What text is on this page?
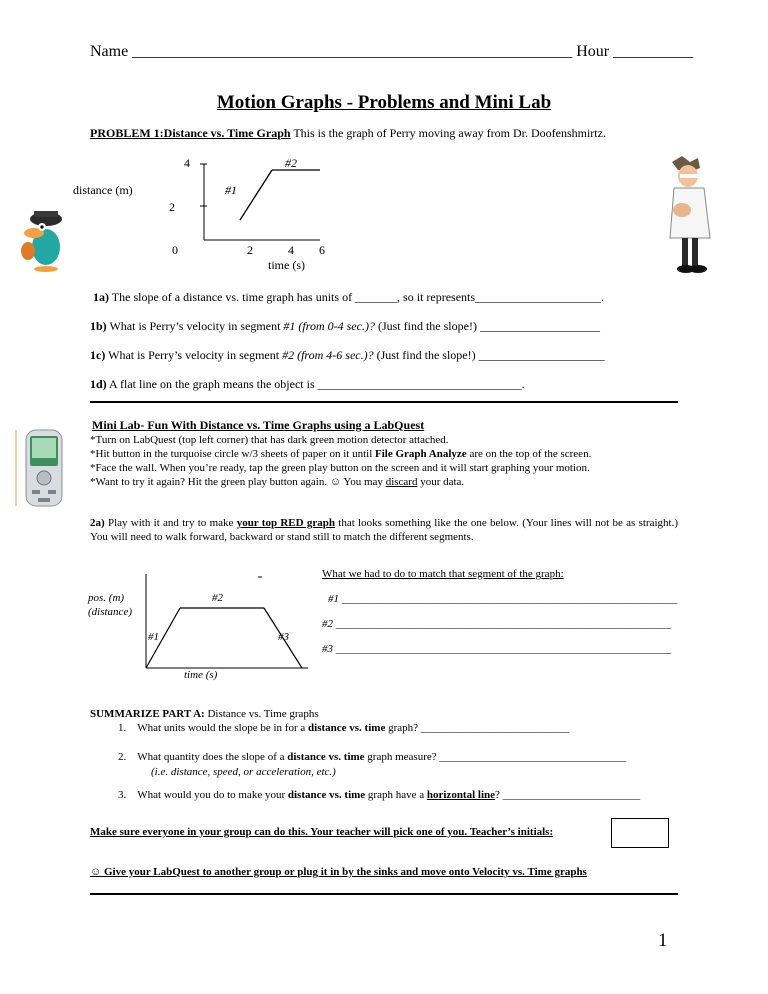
Name _______________________________________________________ Hour __________
Motion Graphs - Problems and Mini Lab
PROBLEM 1:Distance vs. Time Graph This is the graph of Perry moving away from Dr. Doofenshmirtz.
4
2
0
distance (m)	#1
#2
2	4 6
time (s)
1a) The slope of a distance vs. time graph has units of _______, so it represents_____________________.
1b) What is Perry’s velocity in segment #1 (from 0-4 sec.)? (Just find the slope!) ____________________
1c) What is Perry’s velocity in segment #2 (from 4-6 sec.)? (Just find the slope!) _____________________
1d) A flat line on the graph means the object is __________________________________.
Mini Lab- Fun With Distance vs. Time Graphs using a LabQuest
*Turn on LabQuest (top left corner) that has dark green motion detector attached.
*Hit button in the turquoise circle w/3 sheets of paper on it until File Graph Analyze are on the top of the screen.
*Face the wall. When you’re ready, tap the green play button on the screen and it will start graphing your motion.
*Want to try it again? Hit the green play button again. ☺ You may discard your data.
2a) Play with it and try to make your top RED graph that looks something like the one below. (Your lines will not be as straight.) You will need to walk forward, backward or stand still to match the different segments.
pos. (m)
(distance)
#2
#1	#3
time (s)
What we had to do to match that segment of the graph:
#1 _____________________________________________________________
#2 _____________________________________________________________
#3 _____________________________________________________________
SUMMARIZE PART A: Distance vs. Time graphs
1. What units would the slope be in for a distance vs. time graph? ___________________________
2. What quantity does the slope of a distance vs. time graph measure? __________________________________
(i.e. distance, speed, or acceleration, etc.)
3. What would you do to make your distance vs. time graph have a horizontal line? _________________________
Make sure everyone in your group can do this. Your teacher will pick one of you. Teacher’s initials:
☺ Give your LabQuest to another group or plug it in by the sinks and move onto Velocity vs. Time graphs
1
